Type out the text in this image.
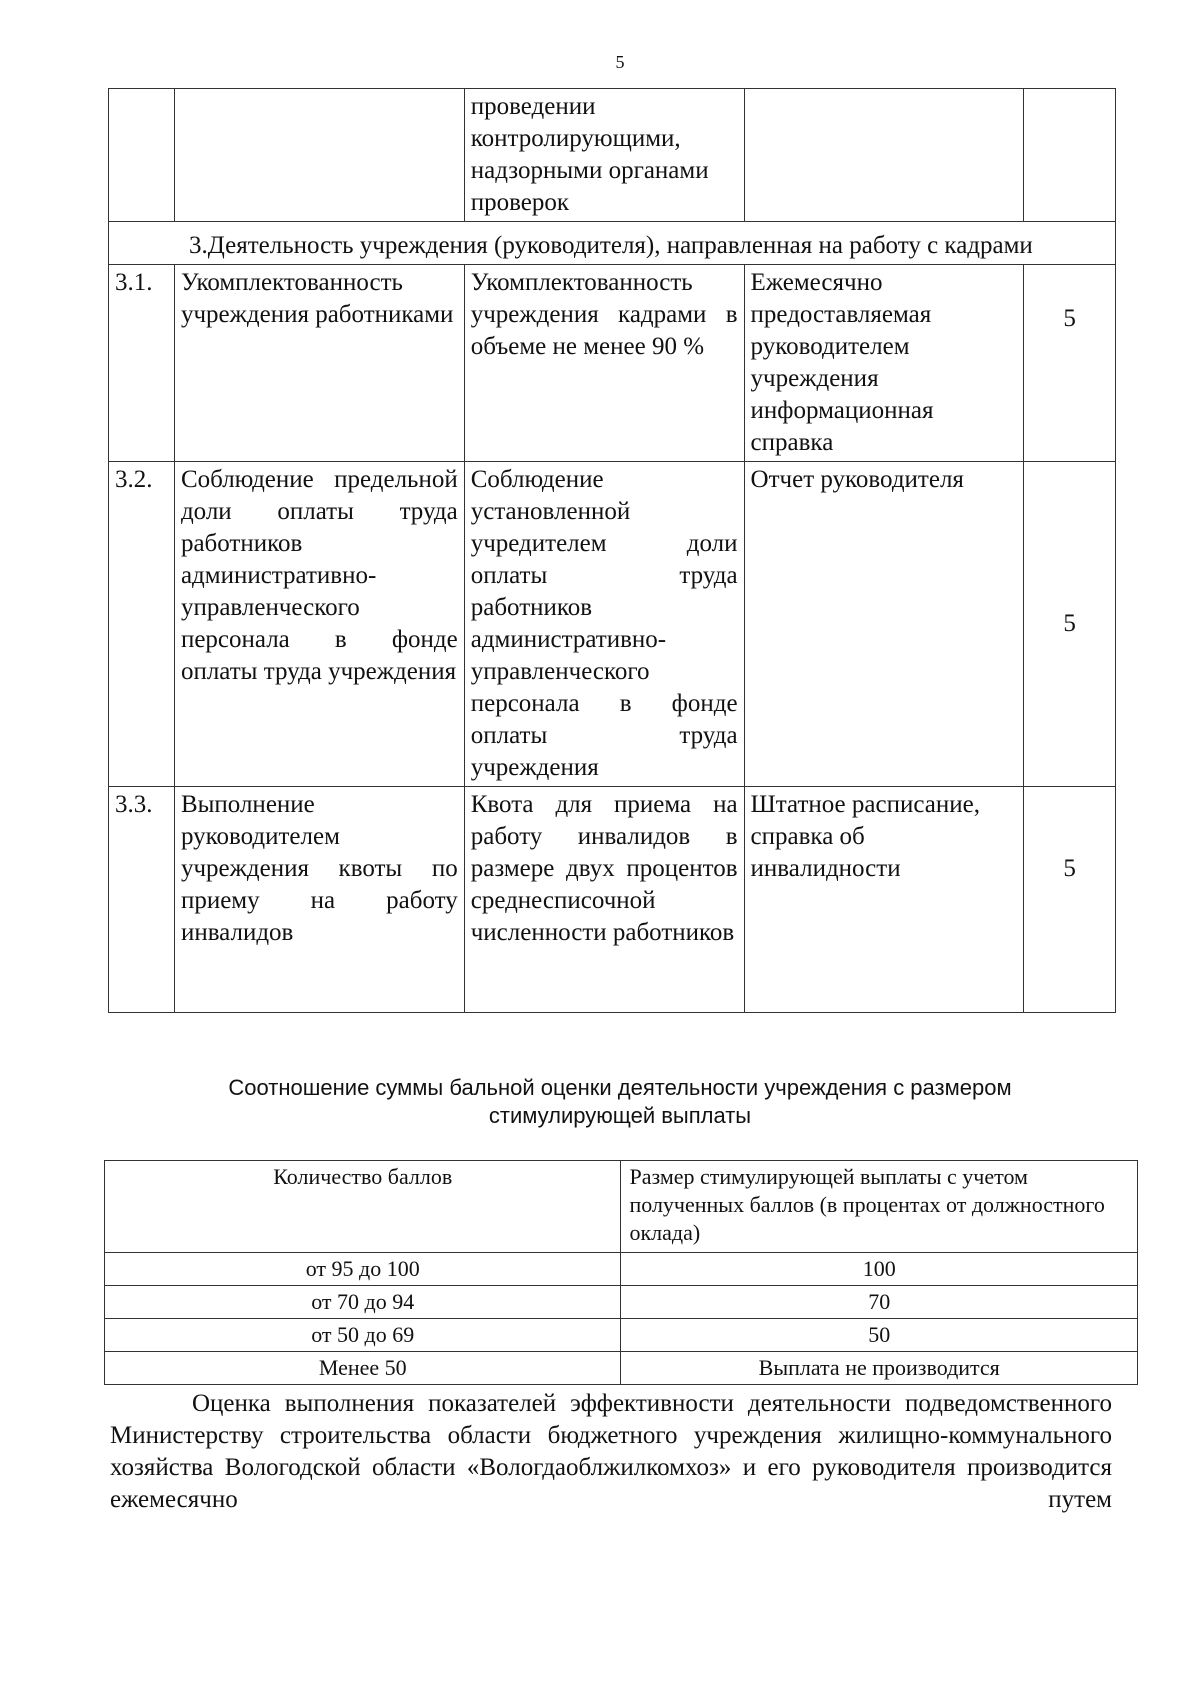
5
		проведении контролирующими, надзорными органами проверок		
3.Деятельность учреждения (руководителя), направленная на работу с кадрами				
3.1.	Укомплектованность учреждения работниками	Укомплектованность учреждения кадрами в объеме не менее 90 %	Ежемесячно предоставляемая руководителем учреждения информационная справка	5
3.2.	Соблюдение предельной доли оплаты труда работников административно-управленческого персонала в фонде оплаты труда учреждения	Соблюдение установленной учредителем доли оплаты труда работников административно-управленческого персонала в фонде оплаты труда учреждения	Отчет руководителя	5
3.3.	Выполнение руководителем учреждения квоты по приему на работу инвалидов	Квота для приема на работу инвалидов в размере двух процентов среднесписочной численности работников	Штатное расписание, справка об инвалидности	5
Соотношение суммы бальной оценки деятельности учреждения с размером стимулирующей выплаты
Количество баллов	Размер стимулирующей выплаты с учетом полученных баллов (в процентах от должностного оклада)
от 95 до 100	100
от 70 до 94	70
от 50 до 69	50
Менее 50	Выплата не производится

Оценка выполнения показателей эффективности деятельности подведомственного Министерству строительства области бюджетного учреждения жилищно-коммунального хозяйства Вологодской области «Вологдаоблжилкомхоз» и его руководителя производится ежемесячно путем
